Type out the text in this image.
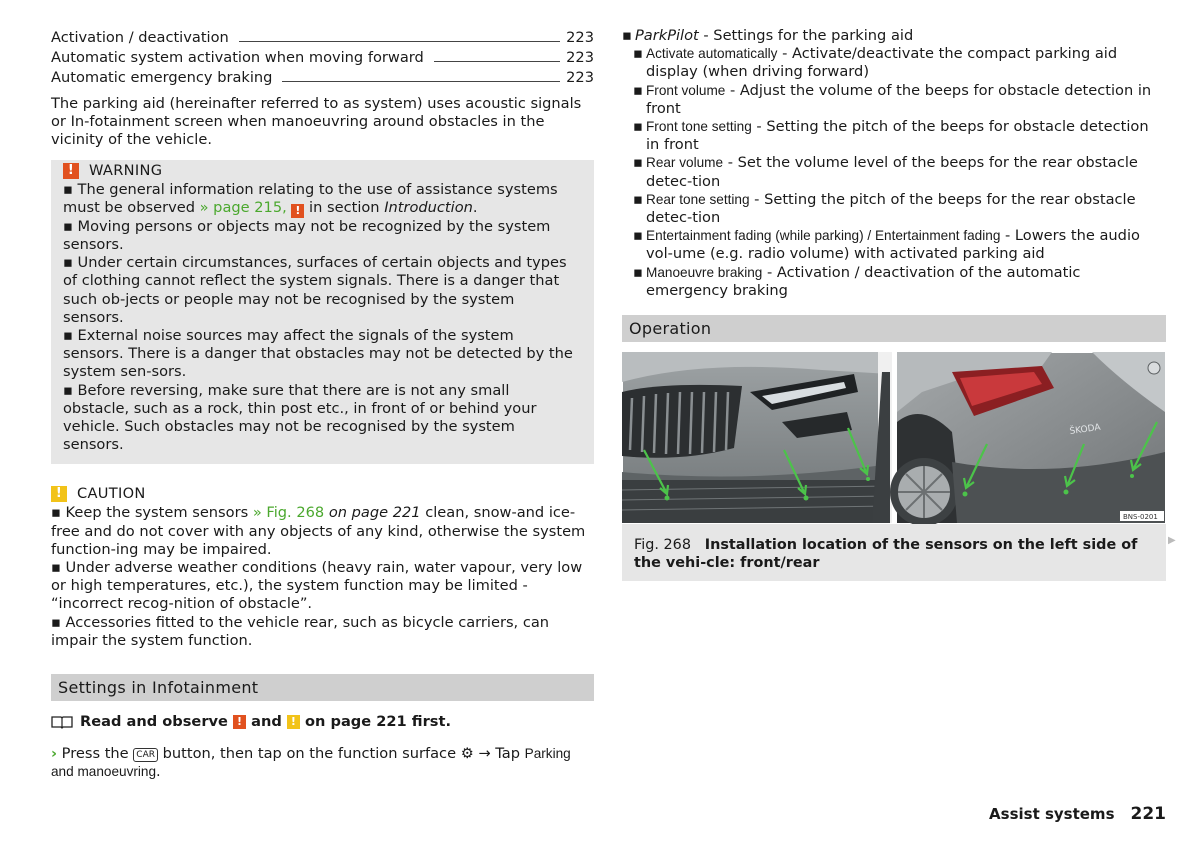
Activation / deactivation	223
Automatic system activation when moving forward	223
Automatic emergency braking	223

The parking aid (hereinafter referred to as system) uses acoustic signals or In-fotainment screen when manoeuvring around obstacles in the vicinity of the vehicle.

!	WARNING

▪ The general information relating to the use of assistance systems must be observed » page 215, ! in section Introduction.

▪ Moving persons or objects may not be recognized by the system sensors.

▪ Under certain circumstances, surfaces of certain objects and types of clothing cannot reflect the system signals. There is a danger that such ob-jects or people may not be recognised by the system sensors.

▪ External noise sources may affect the signals of the system sensors. There is a danger that obstacles may not be detected by the system sen-sors.

▪ Before reversing, make sure that there are is not any small obstacle, such as a rock, thin post etc., in front of or behind your vehicle. Such obstacles may not be recognised by the system sensors.

!	CAUTION

▪ Keep the system sensors » Fig. 268 on page 221 clean, snow-and ice-free and do not cover with any objects of any kind, otherwise the system function-ing may be impaired.

▪ Under adverse weather conditions (heavy rain, water vapour, very low or high temperatures, etc.), the system function may be limited - “incorrect recog-nition of obstacle”.

▪ Accessories fitted to the vehicle rear, such as bicycle carriers, can impair the system function.

Settings in Infotainment
Read and observe
!
and
!
on page 221 first.

› Press the CAR button, then tap on the function surface ⚙ → Tap Parking and manoeuvring.

▪ ParkPilot - Settings for the parking aid
▪ Activate automatically - Activate/deactivate the compact parking aid display (when driving forward)
▪ Front volume - Adjust the volume of the beeps for obstacle detection in front
▪ Front tone setting - Setting the pitch of the beeps for obstacle detection in front
▪ Rear volume - Set the volume level of the beeps for the rear obstacle detec-tion
▪ Rear tone setting - Setting the pitch of the beeps for the rear obstacle detec-tion
▪ Entertainment fading (while parking) / Entertainment fading - Lowers the audio vol-ume (e.g. radio volume) with activated parking aid
▪ Manoeuvre braking - Activation / deactivation of the automatic emergency braking
Operation
ŠKODA
BNS-0201
Fig. 268 Installation location of the sensors on the left side of the vehi-cle: front/rear
▶
Assist systems 221
